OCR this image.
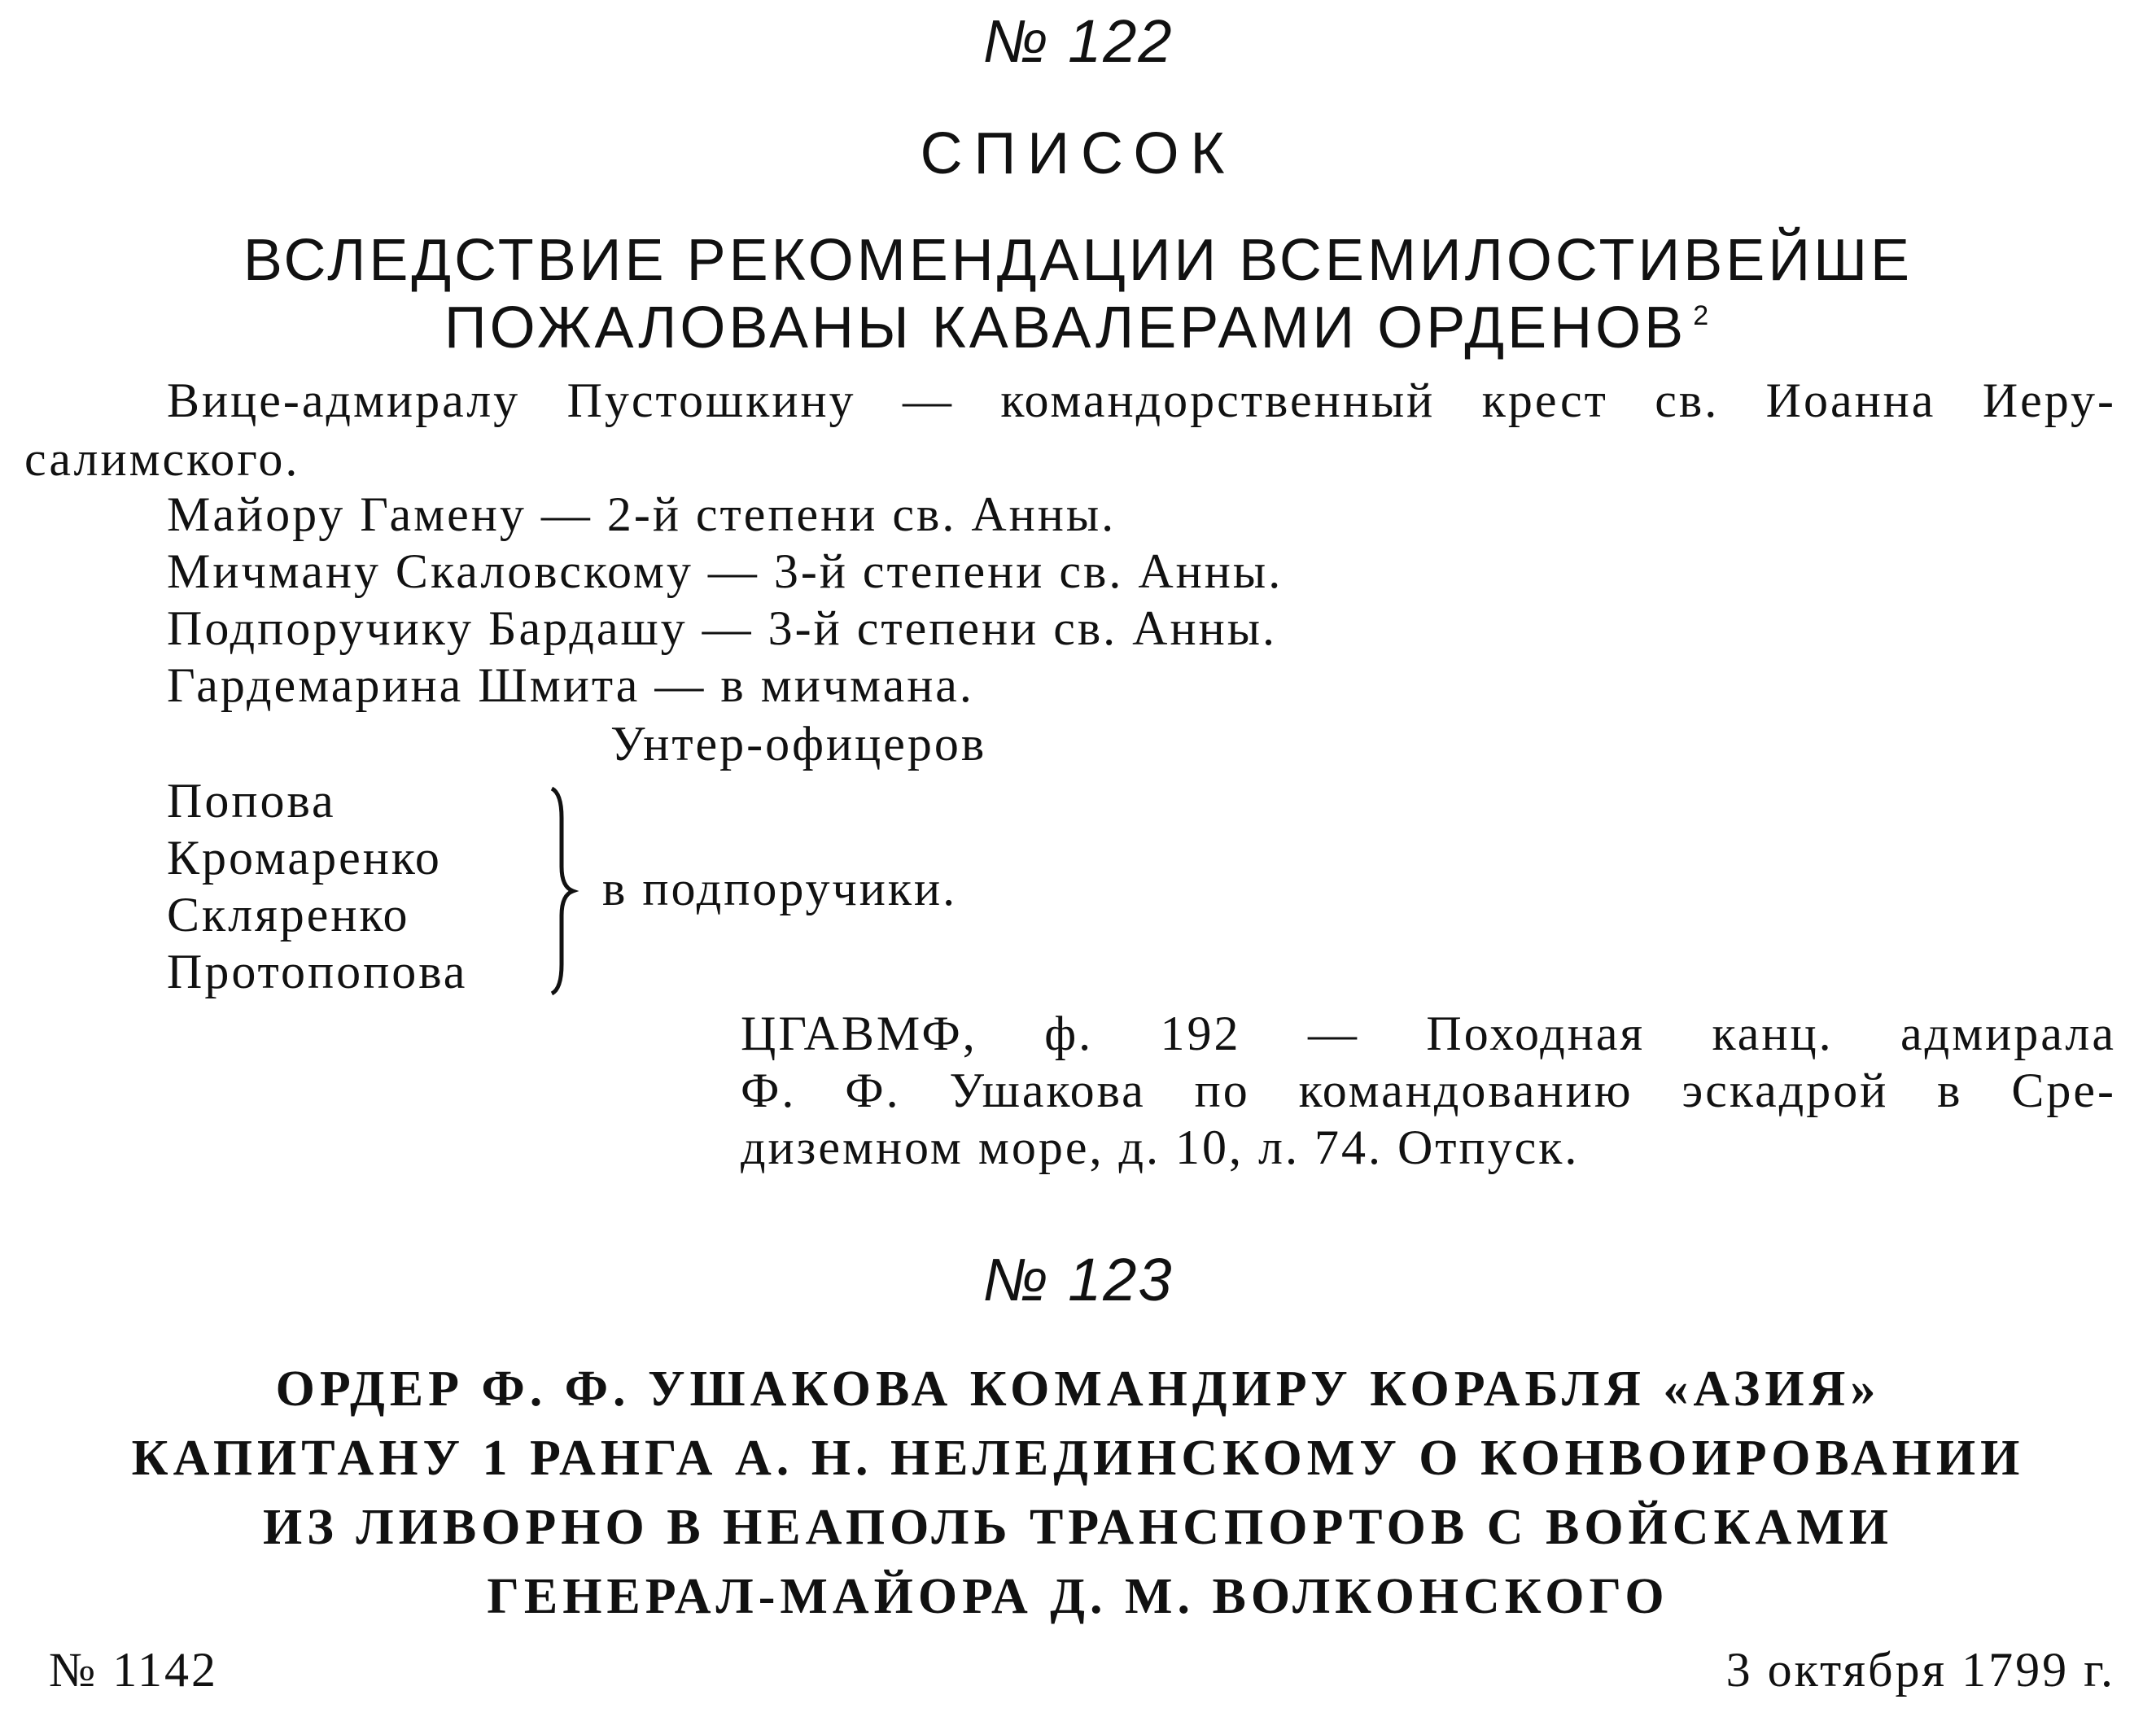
№ 122
СПИСОК
ВСЛЕДСТВИЕ РЕКОМЕНДАЦИИ ВСЕМИЛОСТИВЕЙШЕ
ПОЖАЛОВАНЫ КАВАЛЕРАМИ ОРДЕНОВ $^2$
Вице-адмиралу Пустошкину — командорственный крест св. Иоанна Иеру-
салимского.
Майору Гамену — 2-й степени св. Анны.
Мичману Скаловскому — 3-й степени св. Анны.
Подпоручику Бардашу — 3-й степени св. Анны.
Гардемарина Шмита — в мичмана.
Унтер-офицеров
Попова
Кромаренко
Скляренко
Протопопова
в подпоручики.
ЦГАВМФ, ф. 192 — Походная канц. адмирала
Ф. Ф. Ушакова по командованию эскадрой в Сре-
диземном море, д. 10, л. 74. Отпуск.
№ 123
ОРДЕР Ф. Ф. УШАКОВА КОМАНДИРУ КОРАБЛЯ «АЗИЯ»
КАПИТАНУ 1 РАНГА А. Н. НЕЛЕДИНСКОМУ О КОНВОИРОВАНИИ
ИЗ ЛИВОРНО В НЕАПОЛЬ ТРАНСПОРТОВ С ВОЙСКАМИ
ГЕНЕРАЛ-МАЙОРА Д. М. ВОЛКОНСКОГО
№ 1142	3 октября 1799 г.
